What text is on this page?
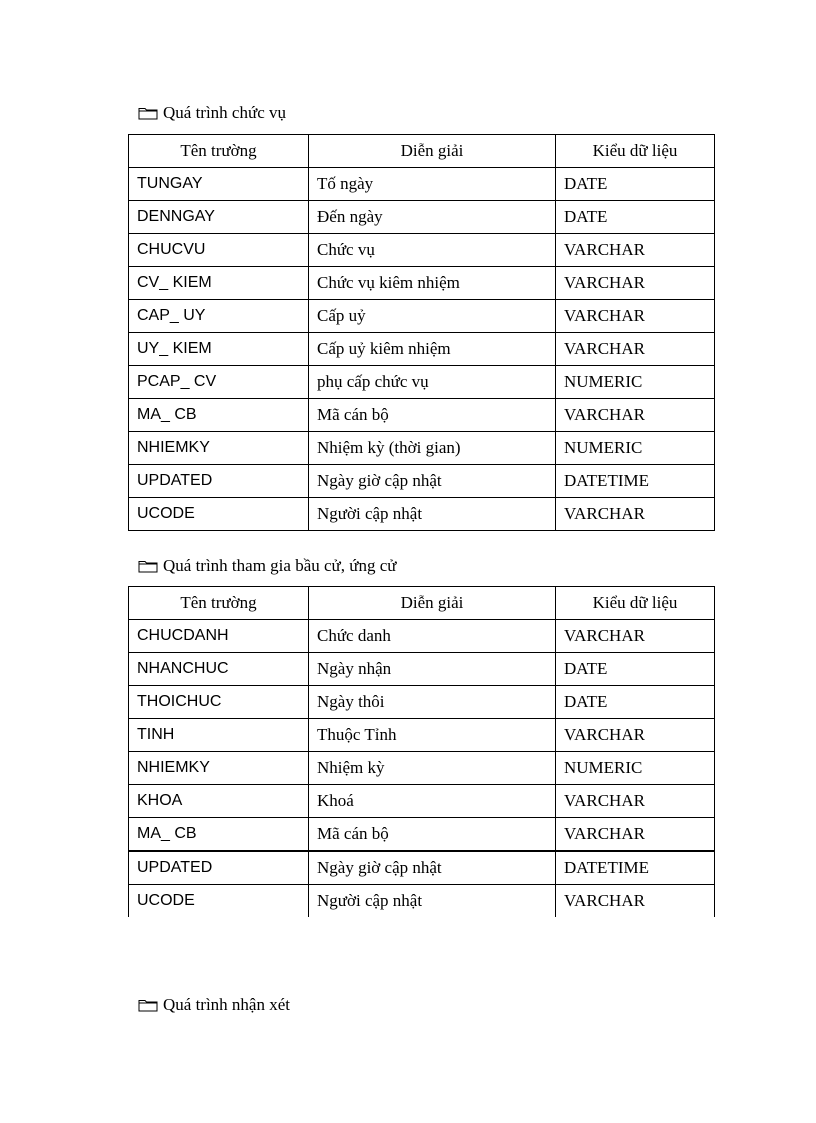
Quá trình chức vụ
Tên trường	Diễn giải	Kiểu dữ liệu
TUNGAY	Tố ngày	DATE
DENNGAY	Đến ngày	DATE
CHUCVU	Chức vụ	VARCHAR
CV_ KIEM	Chức vụ kiêm nhiệm	VARCHAR
CAP_ UY	Cấp uỷ	VARCHAR
UY_ KIEM	Cấp uỷ kiêm nhiệm	VARCHAR
PCAP_ CV	phụ cấp chức vụ	NUMERIC
MA_ CB	Mã cán bộ	VARCHAR
NHIEMKY	Nhiệm kỳ (thời gian)	NUMERIC
UPDATED	Ngày giờ cập nhật	DATETIME
UCODE	Người cập nhật	VARCHAR
Quá trình tham gia bầu cử, ứng cử
Tên trường	Diễn giải	Kiểu dữ liệu
CHUCDANH	Chức danh	VARCHAR
NHANCHUC	Ngày nhận	DATE
THOICHUC	Ngày thôi	DATE
TINH	Thuộc Tỉnh	VARCHAR
NHIEMKY	Nhiệm kỳ	NUMERIC
KHOA	Khoá	VARCHAR
MA_ CB	Mã cán bộ	VARCHAR
UPDATED	Ngày giờ cập nhật	DATETIME
UCODE	Người cập nhật	VARCHAR
Quá trình nhận xét
